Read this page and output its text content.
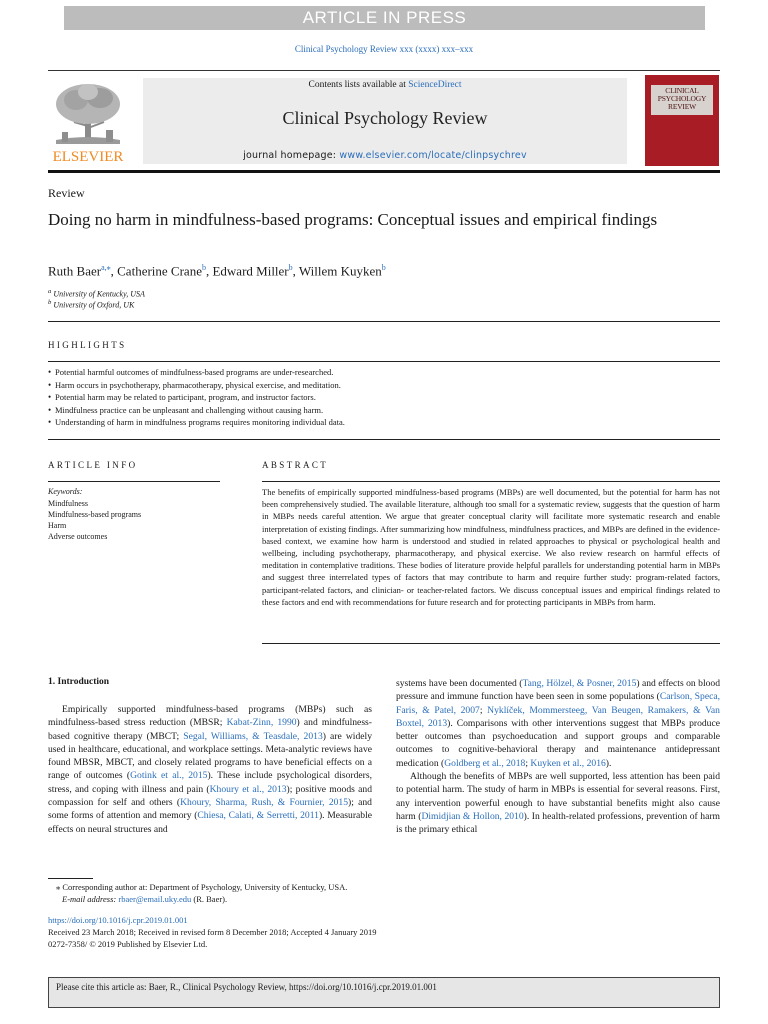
ARTICLE IN PRESS
Clinical Psychology Review xxx (xxxx) xxx–xxx
ELSEVIER
Contents lists available at ScienceDirect
Clinical Psychology Review
journal homepage: www.elsevier.com/locate/clinpsychrev
CLINICAL PSYCHOLOGY REVIEW
Review
Doing no harm in mindfulness-based programs: Conceptual issues and empirical findings
Ruth Baer$^{a,⁎}$, Catherine Crane$^b$, Edward Miller$^b$, Willem Kuyken$^b$
$^a$ University of Kentucky, USA
$^b$ University of Oxford, UK
HIGHLIGHTS
• Potential harmful outcomes of mindfulness-based programs are under-researched.
• Harm occurs in psychotherapy, pharmacotherapy, physical exercise, and meditation.
• Potential harm may be related to participant, program, and instructor factors.
• Mindfulness practice can be unpleasant and challenging without causing harm.
• Understanding of harm in mindfulness programs requires monitoring individual data.
ARTICLE INFO
Keywords:
Mindfulness
Mindfulness-based programs
Harm
Adverse outcomes
ABSTRACT
The benefits of empirically supported mindfulness-based programs (MBPs) are well documented, but the potential for harm has not been comprehensively studied. The available literature, although too small for a systematic review, suggests that the question of harm in MBPs needs careful attention. We argue that greater conceptual clarity will facilitate more systematic research and enable interpretation of existing findings. After summarizing how mindfulness, mindfulness practices, and MBPs are defined in the evidence-based context, we examine how harm is understood and studied in related approaches to physical or psychological health and wellbeing, including psychotherapy, pharmacotherapy, and physical exercise. We also review research on harmful effects of meditation in contemplative traditions. These bodies of literature provide helpful parallels for understanding potential harm in MBPs and suggest three interrelated types of factors that may contribute to harm and require further study: program-related factors, participant-related factors, and clinician- or teacher-related factors. We discuss conceptual issues and empirical findings related to these factors and end with recommendations for future research and for protecting participants in MBPs from harm.
1. Introduction

Empirically supported mindfulness-based programs (MBPs) such as mindfulness-based stress reduction (MBSR; Kabat-Zinn, 1990) and mindfulness-based cognitive therapy (MBCT; Segal, Williams, & Teasdale, 2013) are widely used in healthcare, educational, and workplace settings. Meta-analytic reviews have found MBSR, MBCT, and closely related programs to have beneficial effects on a range of outcomes (Gotink et al., 2015). These include psychological disorders, stress, and coping with illness and pain (Khoury et al., 2013); positive moods and compassion for self and others (Khoury, Sharma, Rush, & Fournier, 2015); and some forms of attention and memory (Chiesa, Calati, & Serretti, 2011). Measurable effects on neural structures and

systems have been documented (Tang, Hölzel, & Posner, 2015) and effects on blood pressure and immune function have been seen in some populations (Carlson, Speca, Faris, & Patel, 2007; Nyklíček, Mommersteeg, Van Beugen, Ramakers, & Van Boxtel, 2013). Comparisons with other interventions suggest that MBPs produce better outcomes than psychoeducation and support groups and comparable outcomes to cognitive-behavioral therapy and maintenance antidepressant medication (Goldberg et al., 2018; Kuyken et al., 2016).

Although the benefits of MBPs are well supported, less attention has been paid to potential harm. The study of harm in MBPs is essential for several reasons. First, any intervention powerful enough to have substantial benefits might also cause harm (Dimidjian & Hollon, 2010). In health-related professions, prevention of harm is the primary ethical

⁎ Corresponding author at: Department of Psychology, University of Kentucky, USA.
E-mail address: rbaer@email.uky.edu (R. Baer).
https://doi.org/10.1016/j.cpr.2019.01.001
Received 23 March 2018; Received in revised form 8 December 2018; Accepted 4 January 2019
0272-7358/ © 2019 Published by Elsevier Ltd.
Please cite this article as: Baer, R., Clinical Psychology Review, https://doi.org/10.1016/j.cpr.2019.01.001
